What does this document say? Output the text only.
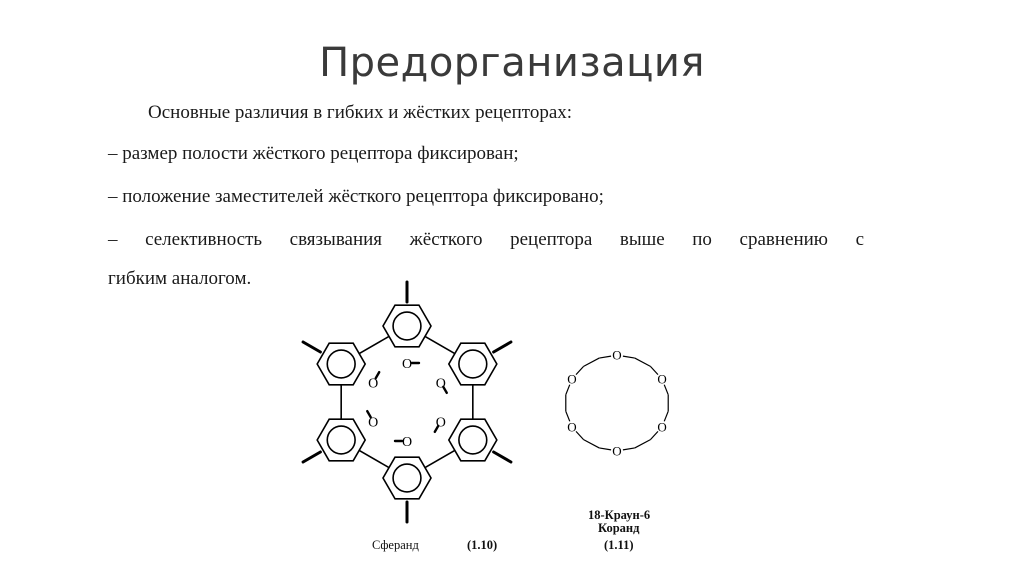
Предорганизация
Основные различия в гибких и жёстких рецепторах:
– размер полости жёсткого рецептора фиксирован;
– положение заместителей жёсткого рецептора фиксировано;
– селективность связывания жёсткого рецептора выше по сравнению с
гибким аналогом.
O
O
O
O
O
O
O
O
O
O
O
O
Сферанд	(1.10)
18-Краун-6
Коранд
(1.11)
